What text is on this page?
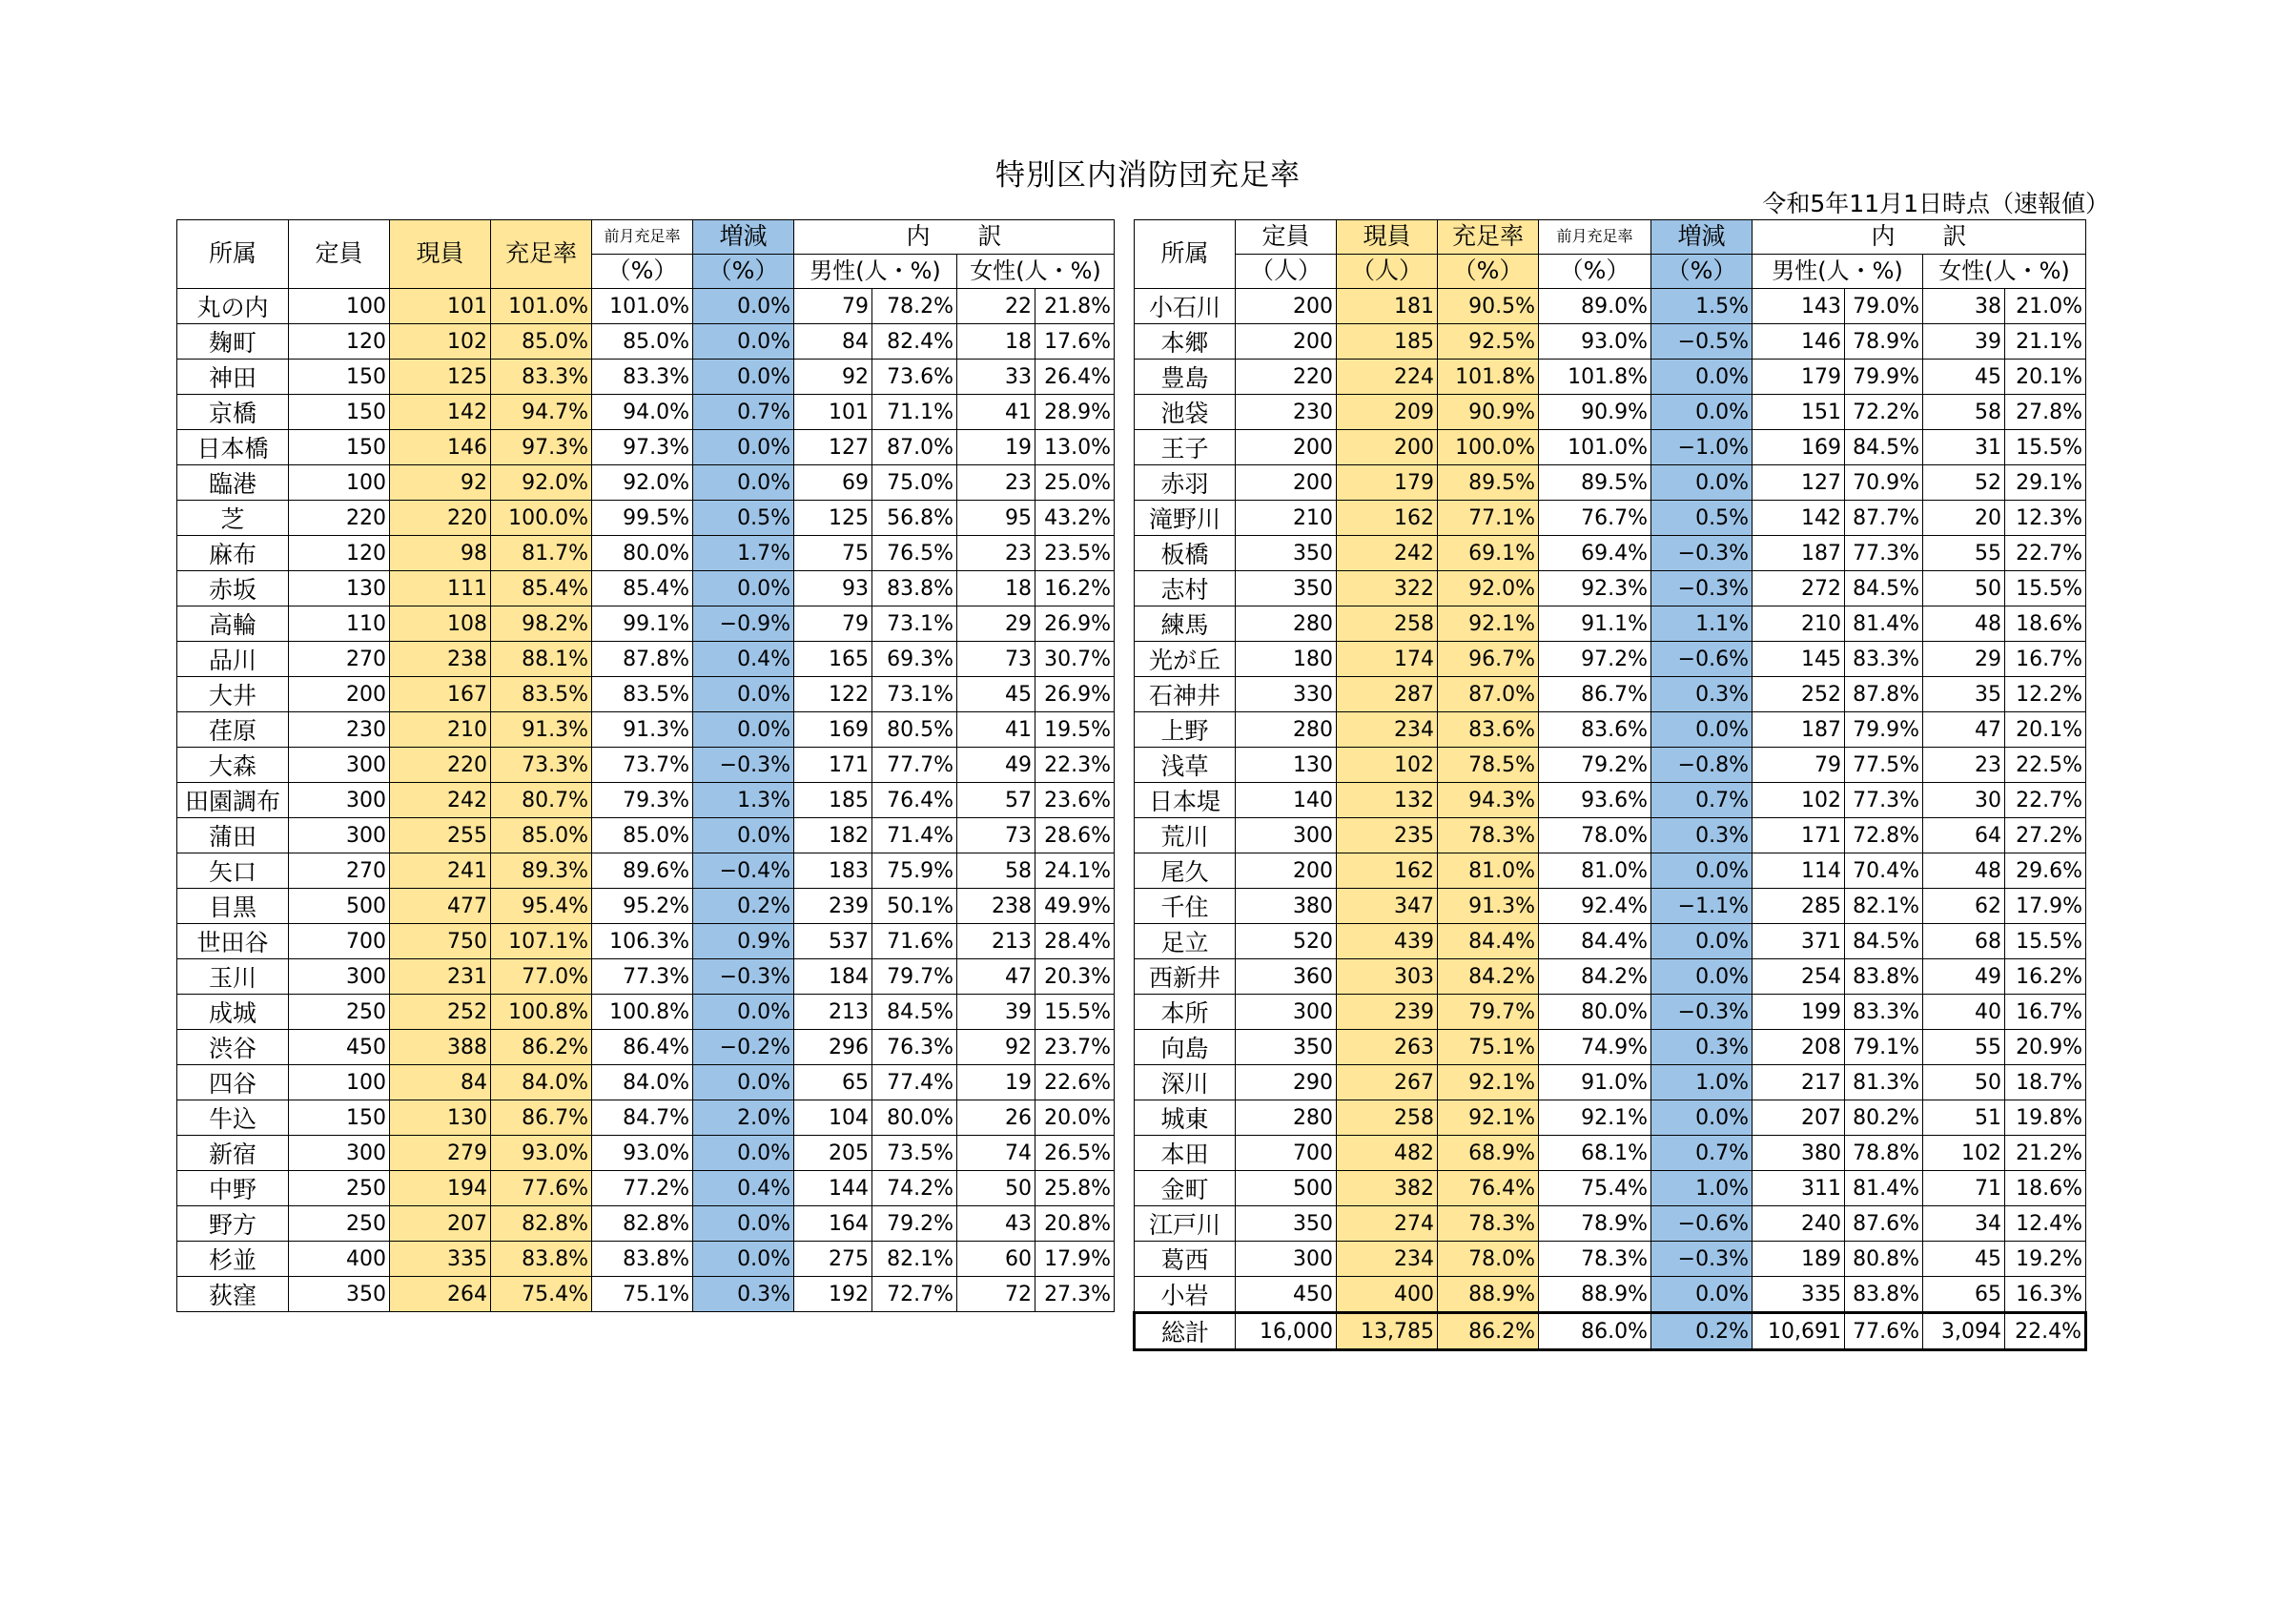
特別区内消防団充足率
令和5年11月1日時点（速報値）
所属	定員	現員	充足率	前月充足率	増減	内　　訳			
				（%）	（%）	男性(人・%)		女性(人・%)	
丸の内	100	101	101.0%	101.0%	0.0%	79	78.2%	22	21.8%
麹町	120	102	85.0%	85.0%	0.0%	84	82.4%	18	17.6%
神田	150	125	83.3%	83.3%	0.0%	92	73.6%	33	26.4%
京橋	150	142	94.7%	94.0%	0.7%	101	71.1%	41	28.9%
日本橋	150	146	97.3%	97.3%	0.0%	127	87.0%	19	13.0%
臨港	100	92	92.0%	92.0%	0.0%	69	75.0%	23	25.0%
芝	220	220	100.0%	99.5%	0.5%	125	56.8%	95	43.2%
麻布	120	98	81.7%	80.0%	1.7%	75	76.5%	23	23.5%
赤坂	130	111	85.4%	85.4%	0.0%	93	83.8%	18	16.2%
高輪	110	108	98.2%	99.1%	−0.9%	79	73.1%	29	26.9%
品川	270	238	88.1%	87.8%	0.4%	165	69.3%	73	30.7%
大井	200	167	83.5%	83.5%	0.0%	122	73.1%	45	26.9%
荏原	230	210	91.3%	91.3%	0.0%	169	80.5%	41	19.5%
大森	300	220	73.3%	73.7%	−0.3%	171	77.7%	49	22.3%
田園調布	300	242	80.7%	79.3%	1.3%	185	76.4%	57	23.6%
蒲田	300	255	85.0%	85.0%	0.0%	182	71.4%	73	28.6%
矢口	270	241	89.3%	89.6%	−0.4%	183	75.9%	58	24.1%
目黒	500	477	95.4%	95.2%	0.2%	239	50.1%	238	49.9%
世田谷	700	750	107.1%	106.3%	0.9%	537	71.6%	213	28.4%
玉川	300	231	77.0%	77.3%	−0.3%	184	79.7%	47	20.3%
成城	250	252	100.8%	100.8%	0.0%	213	84.5%	39	15.5%
渋谷	450	388	86.2%	86.4%	−0.2%	296	76.3%	92	23.7%
四谷	100	84	84.0%	84.0%	0.0%	65	77.4%	19	22.6%
牛込	150	130	86.7%	84.7%	2.0%	104	80.0%	26	20.0%
新宿	300	279	93.0%	93.0%	0.0%	205	73.5%	74	26.5%
中野	250	194	77.6%	77.2%	0.4%	144	74.2%	50	25.8%
野方	250	207	82.8%	82.8%	0.0%	164	79.2%	43	20.8%
杉並	400	335	83.8%	83.8%	0.0%	275	82.1%	60	17.9%
荻窪	350	264	75.4%	75.1%	0.3%	192	72.7%	72	27.3%
所属	定員	現員	充足率	前月充足率	増減	内　　訳			
	（人）	（人）	（%）	（%）	（%）	男性(人・%)		女性(人・%)	
小石川	200	181	90.5%	89.0%	1.5%	143	79.0%	38	21.0%
本郷	200	185	92.5%	93.0%	−0.5%	146	78.9%	39	21.1%
豊島	220	224	101.8%	101.8%	0.0%	179	79.9%	45	20.1%
池袋	230	209	90.9%	90.9%	0.0%	151	72.2%	58	27.8%
王子	200	200	100.0%	101.0%	−1.0%	169	84.5%	31	15.5%
赤羽	200	179	89.5%	89.5%	0.0%	127	70.9%	52	29.1%
滝野川	210	162	77.1%	76.7%	0.5%	142	87.7%	20	12.3%
板橋	350	242	69.1%	69.4%	−0.3%	187	77.3%	55	22.7%
志村	350	322	92.0%	92.3%	−0.3%	272	84.5%	50	15.5%
練馬	280	258	92.1%	91.1%	1.1%	210	81.4%	48	18.6%
光が丘	180	174	96.7%	97.2%	−0.6%	145	83.3%	29	16.7%
石神井	330	287	87.0%	86.7%	0.3%	252	87.8%	35	12.2%
上野	280	234	83.6%	83.6%	0.0%	187	79.9%	47	20.1%
浅草	130	102	78.5%	79.2%	−0.8%	79	77.5%	23	22.5%
日本堤	140	132	94.3%	93.6%	0.7%	102	77.3%	30	22.7%
荒川	300	235	78.3%	78.0%	0.3%	171	72.8%	64	27.2%
尾久	200	162	81.0%	81.0%	0.0%	114	70.4%	48	29.6%
千住	380	347	91.3%	92.4%	−1.1%	285	82.1%	62	17.9%
足立	520	439	84.4%	84.4%	0.0%	371	84.5%	68	15.5%
西新井	360	303	84.2%	84.2%	0.0%	254	83.8%	49	16.2%
本所	300	239	79.7%	80.0%	−0.3%	199	83.3%	40	16.7%
向島	350	263	75.1%	74.9%	0.3%	208	79.1%	55	20.9%
深川	290	267	92.1%	91.0%	1.0%	217	81.3%	50	18.7%
城東	280	258	92.1%	92.1%	0.0%	207	80.2%	51	19.8%
本田	700	482	68.9%	68.1%	0.7%	380	78.8%	102	21.2%
金町	500	382	76.4%	75.4%	1.0%	311	81.4%	71	18.6%
江戸川	350	274	78.3%	78.9%	−0.6%	240	87.6%	34	12.4%
葛西	300	234	78.0%	78.3%	−0.3%	189	80.8%	45	19.2%
小岩	450	400	88.9%	88.9%	0.0%	335	83.8%	65	16.3%
総計	16,000	13,785	86.2%	86.0%	0.2%	10,691	77.6%	3,094	22.4%
